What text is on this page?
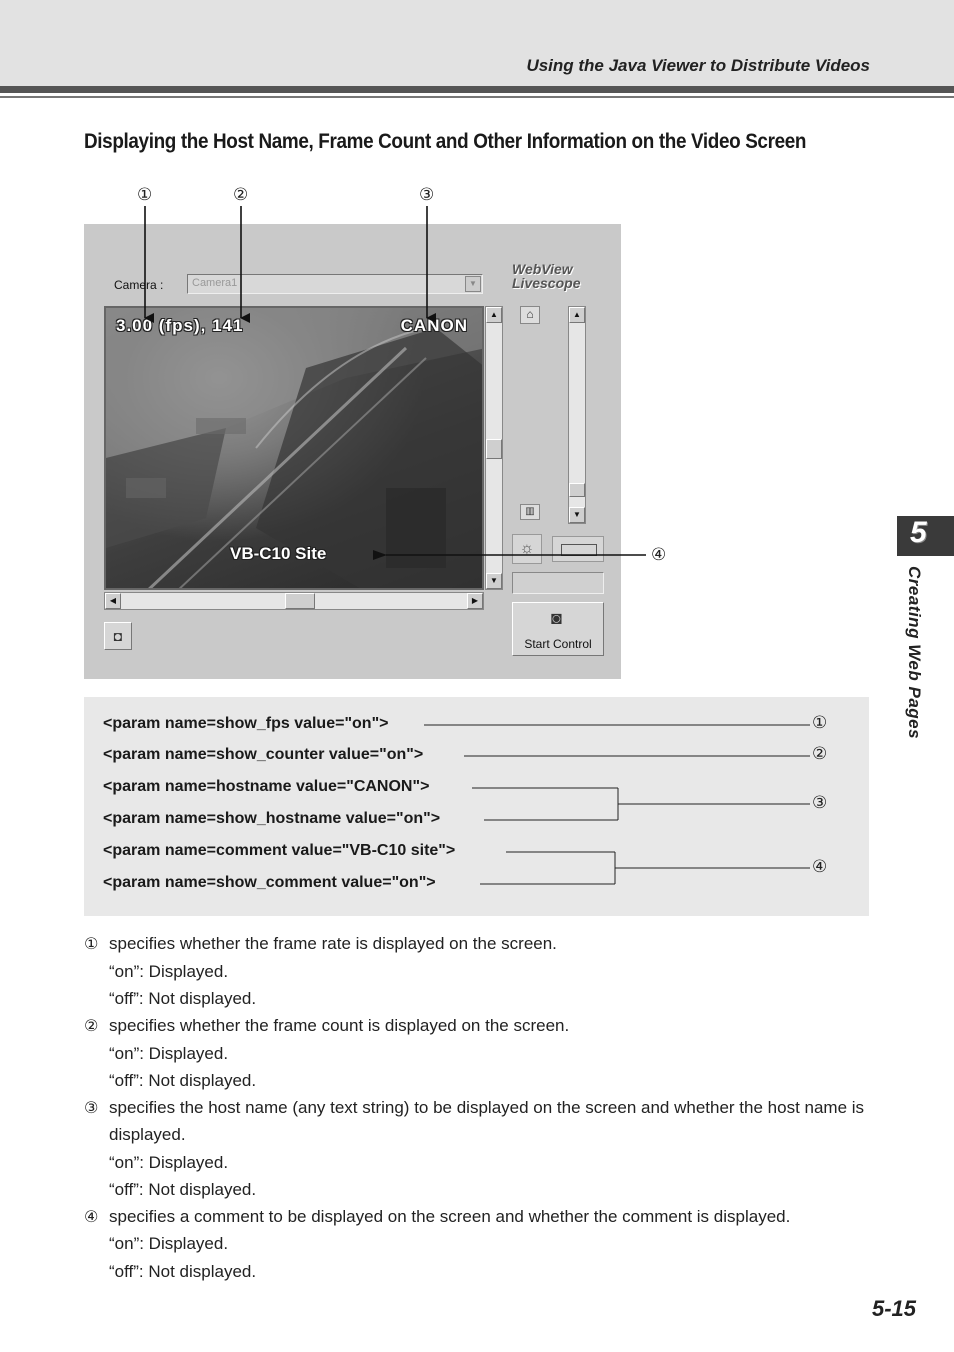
Using the Java Viewer to Distribute Videos
Displaying the Host Name, Frame Count and Other Information on the Video Screen
①	②	③
④
Camera :	Camera1	▼
WebView
Livescope
3.00 (fps), 141	CANON
VB-C10 Site
▲
▼
◀	▶
⌂	▲
▼
▥
☼
◙
Start Control
◘
<param name=show_fps value="on">
<param name=show_counter value="on">
<param name=hostname value="CANON">
<param name=show_hostname value="on">
<param name=comment value="VB-C10 site">
<param name=show_comment value="on">
①
②
③
④
① specifies whether the frame rate is displayed on the screen.
“on”: Displayed.
“off”: Not displayed.
② specifies whether the frame count is displayed on the screen.
“on”: Displayed.
“off”: Not displayed.
③ specifies the host name (any text string) to be displayed on the screen and whether the host name is displayed.
“on”: Displayed.
“off”: Not displayed.
④ specifies a comment to be displayed on the screen and whether the comment is displayed.
“on”: Displayed.
“off”: Not displayed.
5
Creating Web Pages
5-15
